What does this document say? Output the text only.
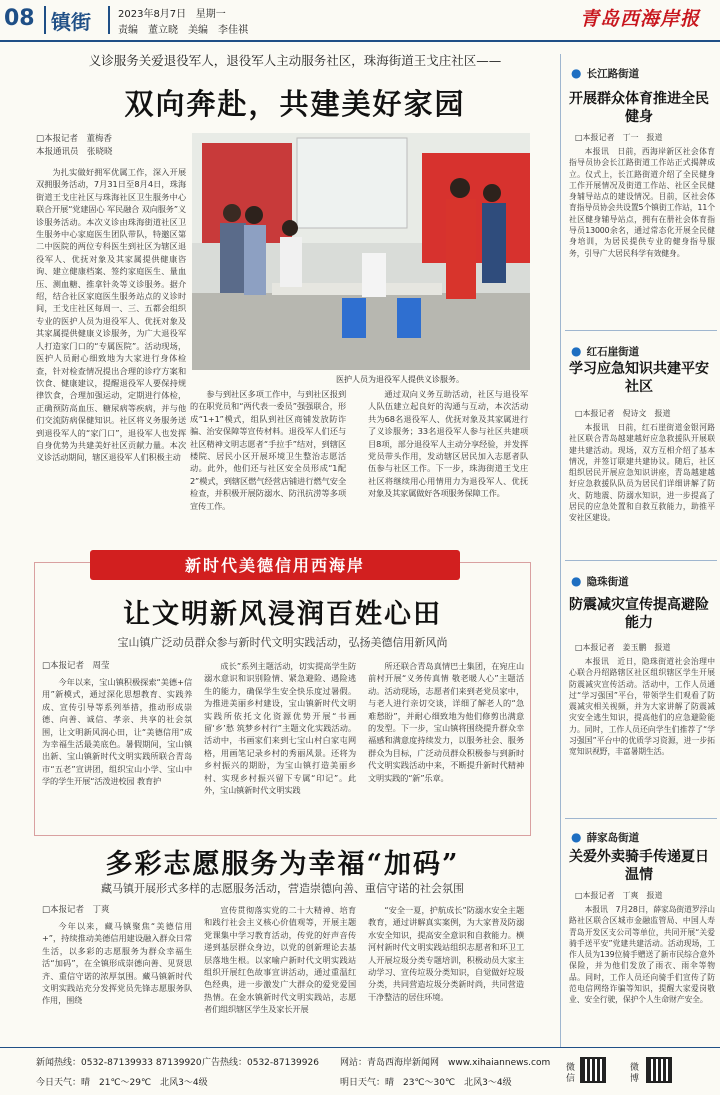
08 镇街	2023年8月7日 星期一
责编　董立晓　美编　李佳祺
青岛西海岸报
义诊服务关爱退役军人，退役军人主动服务社区，珠海街道王戈庄社区——
双向奔赴，共建美好家园
□本报记者　董梅香
本报通讯员　张晓晓
为扎实做好拥军优属工作，深入开展双拥服务活动，7月31日至8月4日，珠海街道王戈庄社区与珠海社区卫生服务中心联合开展“党建固心 军民融合 双向服务”义诊服务活动。本次义诊由珠海街道社区卫生服务中心家庭医生团队带队，特邀区第二中医院的两位专科医生到社区为辖区退役军人、优抚对象及其家属提供健康咨询、建立健康档案、签约家庭医生、量血压、测血糖、推拿针灸等义诊服务。据介绍，结合社区家庭医生服务站点的义诊时间，王戈庄社区每周一、三、五都会组织专业的医护人员为退役军人、优抚对象及其家属提供健康义诊服务，为广大退役军人打造家门口的“专属医院”。活动现场，医护人员耐心细致地为大家进行身体检查，针对检查情况提出合理的诊疗方案和饮食、健康建议，提醒退役军人要保持规律饮食，合理加强运动，定期进行体检，正确预防高血压、糖尿病等疾病，并与他们交流防病保健知识。社区将义务服务送到退役军人的“家门口”，退役军人也发挥自身优势为共建美好社区贡献力量。本次义诊活动期间，辖区退役军人们积极主动
医护人员为退役军人提供义诊服务。
参与到社区多项工作中，与到社区报到的在职党员和“两代表一委员”强强联合，形成“1+1”模式，组队到社区商铺发放防诈骗、治安保障等宣传材料。退役军人们还与社区精神文明志愿者“手拉手”结对，到辖区楼院、居民小区开展环境卫生整治志愿活动。此外，他们还与社区安全员形成“1配2”模式，到辖区燃气经营店铺进行燃气安全检查，并积极开展防溺水、防汛抗涝等多项宣传工作。
通过双向义务互助活动，社区与退役军人队伍建立起良好的沟通与互动，本次活动共为68名退役军人、优抚对象及其家属进行了义诊服务；33名退役军人参与社区共建项目8项，部分退役军人主动分享经验，并发挥党员带头作用，发动辖区居民加入志愿者队伍参与社区工作。下一步，珠海街道王戈庄社区将继续用心用情用力为退役军人、优抚对象及其家属做好各项服务保障工作。
新时代美德信用西海岸
让文明新风浸润百姓心田
宝山镇广泛动员群众参与新时代文明实践活动，弘扬美德信用新风尚
□本报记者　周莹
今年以来，宝山镇积极探索“美德+信用”新模式，通过深化思想教育、实践养成、宣传引导等系列举措，推动形成崇德、向善、诚信、孝亲、共享的社会氛围，让文明新风润心田，让“美德信用”成为幸福生活最美底色。暑假期间，宝山镇出新、宝山镇新时代文明实践所联合青岛市“五老”宣讲团，组织宝山小学、宝山中学的学生开展“活泼进校园 教育护
成长”系列主题活动，切实提高学生防溺水意识和识别险情、紧急避险、遇险逃生的能力，确保学生安全快乐度过暑假。为推进美丽乡村建设，宝山镇新时代文明实践所依托文化资源优势开展“书画留‘乡’愁 筑梦乡村行”主题文化实践活动。活动中，书画家们来到七宝山村白家屯网格，用画笔记录乡村的秀丽风景。还将为乡村振兴的期盼，为宝山镇打造美丽乡村、实现乡村振兴留下专属“印记”。此外，宝山镇新时代文明实践
所还联合青岛真情巴士集团，在宛庄山前村开展“义务传真情 敬老暖人心”主题活动。活动现场，志愿者们来到老党员家中，与老人进行亲切交谈，详细了解老人的“急难愁盼”，并耐心细致地为他们修剪出满意的发型。下一步，宝山镇将围绕提升群众幸福感和满意度持续发力，以服务社会、服务群众为目标，广泛动员群众积极参与到新时代文明实践活动中来，不断提升新时代精神文明实践的“新”乐章。
多彩志愿服务为幸福“加码”
藏马镇开展形式多样的志愿服务活动，营造崇德向善、重信守诺的社会氛围
□本报记者　丁爽
今年以来，藏马镇聚焦“美德信用+”，持续推动美德信用建设融入群众日常生活，以多彩的志愿服务为群众幸福生活“加码”，在全镇形成崇德向善、见贤思齐、重信守诺的浓厚氛围。藏马镇新时代文明实践站充分发挥党员先锋志愿服务队作用，围绕
宣传贯彻落实党的二十大精神、培育和践行社会主义核心价值观等，开展主题党课集中学习教育活动，传党的好声音传递到基层群众身边，以党的创新理论去基层落地生根。以家喻户新时代文明实践站组织开展红色故事宣讲活动，通过重温红色经典，进一步激发广大群众的爱党爱国热情。在金水镇新时代文明实践站，志愿者们组织辖区学生及家长开展
“安全一夏，护航成长”防溺水安全主题教育，通过讲解真实案例，为大家普及防溺水安全知识，提高安全意识和自救能力。横河村新时代文明实践站组织志愿者和环卫工人开展垃圾分类专题培训，积极动员大家主动学习、宣传垃圾分类知识，自觉做好垃圾分类，共同营造垃圾分类新时尚，共同营造干净整洁的居住环境。
● 长江路街道
开展群众体育推进全民健身
□本报记者　丁一　报道
本报讯　日前，西海岸新区社会体育指导员协会长江路街道工作站正式揭牌成立。仪式上，长江路街道介绍了全民健身工作开展情况及街道工作站、社区全民健身辅导站点的建设情况。目前，区社会体育指导员协会共设置5个镇街工作站，11个社区健身辅导站点，拥有在册社会体育指导员13000余名，通过常态化开展全民健身培训，为居民提供专业的健身指导服务，引导广大居民科学有效健身。
● 红石崖街道
学习应急知识共建平安社区
□本报记者　倪诗文　报道
本报讯　日前，红石崖街道金银河路社区联合青岛越建越好应急救援队开展联建共建活动。现场，双方互相介绍了基本情况，并签订联建共建协议。随后，社区组织居民开展应急知识讲座，青岛越建越好应急救援队队员为居民们详细讲解了防火、防地震、防溺水知识，进一步提高了居民的应急处置和自救互救能力，助推平安社区建设。
● 隐珠街道
防震减灾宣传提高避险能力
□本报记者　姜玉鹏　报道
本报讯　近日，隐珠街道社会治理中心联合丹绍路辖区社区组织辖区学生开展防震减灾宣传活动。活动中，工作人员通过“学习强国”平台，带领学生们观看了防震减灾相关视频，并为大家讲解了防震减灾安全逃生知识，提高他们的应急避险能力。同时，工作人员还向学生们推荐了“学习强国”平台中的优质学习资源，进一步拓宽知识视野，丰富暑期生活。
● 薛家岛街道
关爱外卖骑手传递夏日温情
□本报记者　丁爽　报道
本报讯　7月28日，薛家岛街道罗浮山路社区联合区城市金融监管局、中国人寿青岛开发区支公司等单位，共同开展“关爱骑手送平安”党建共建活动。活动现场，工作人员为139位骑手赠送了新市民综合意外保险，并为他们发放了雨衣、雨伞等物品。同时，工作人员还向骑手们宣传了防范电信网络诈骗等知识，提醒大家爱岗敬业、安全行驶，保护个人生命财产安全。
新闻热线：0532-87139933 87139920 广告热线：0532-87139926 网站：青岛西海岸新闻网　www.xihaiannews.com
今日天气：晴　21℃～29℃　北风3～4级	明日天气：晴　23℃～30℃　北风3～4级
微信
微博
